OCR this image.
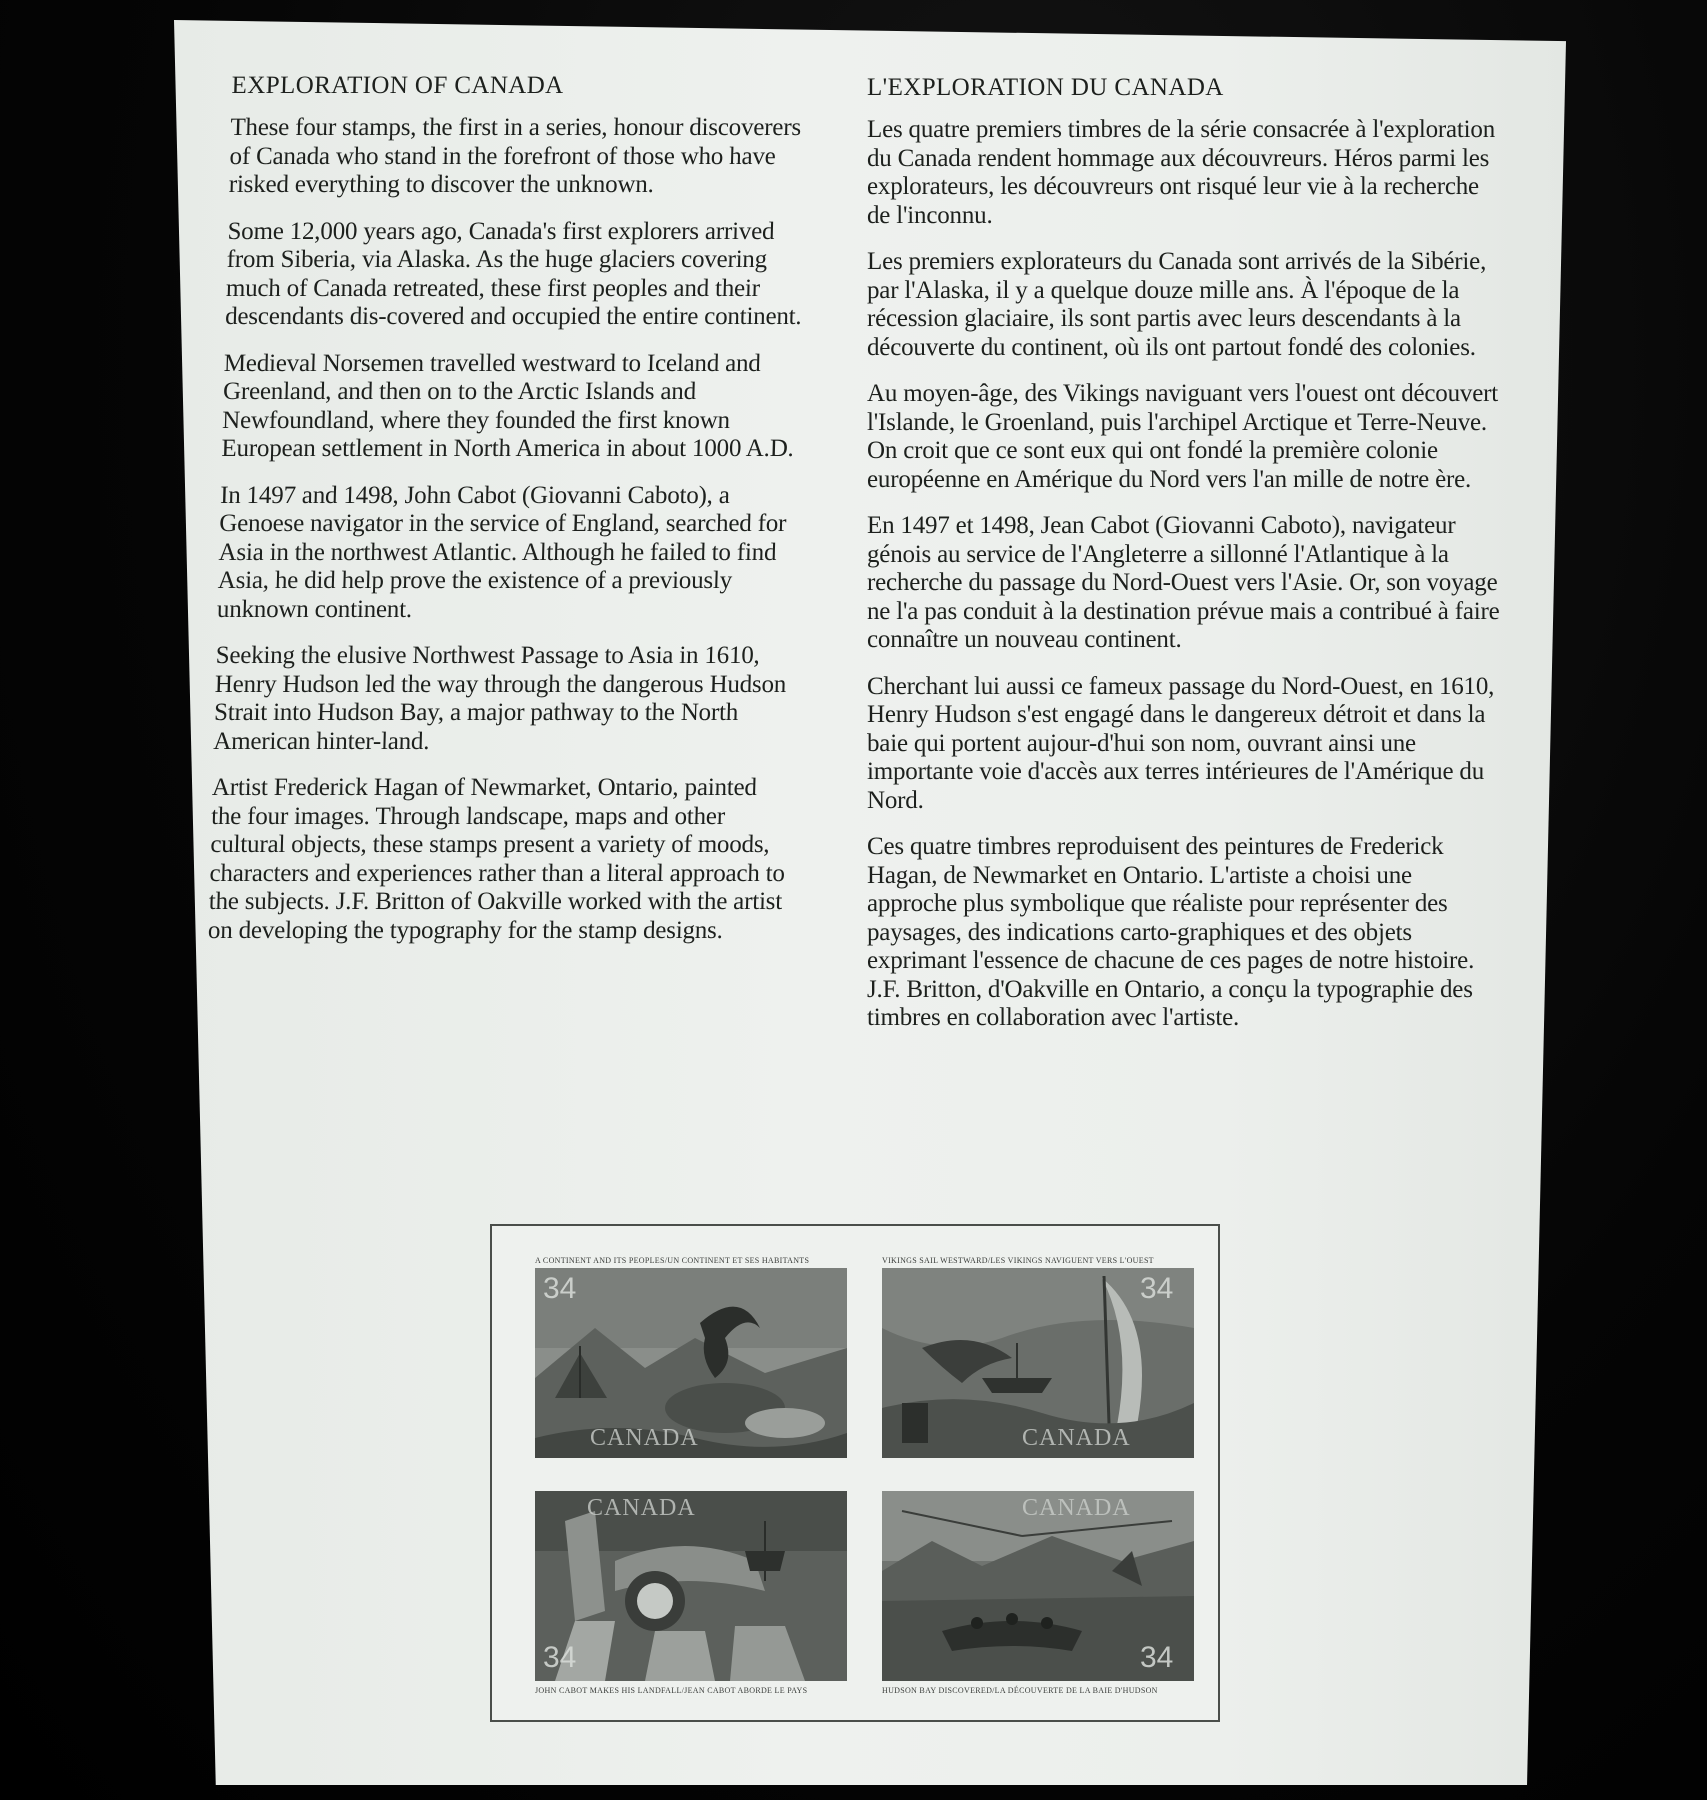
EXPLORATION OF CANADA

These four stamps, the first in a series, honour discoverers of Canada who stand in the forefront of those who have risked everything to discover the unknown.

Some 12,000 years ago, Canada's first explorers arrived from Siberia, via Alaska. As the huge glaciers covering much of Canada retreated, these first peoples and their descendants dis-covered and occupied the entire continent.

Medieval Norsemen travelled westward to Iceland and Greenland, and then on to the Arctic Islands and Newfoundland, where they founded the first known European settlement in North America in about 1000 A.D.

In 1497 and 1498, John Cabot (Giovanni Caboto), a Genoese navigator in the service of England, searched for Asia in the northwest Atlantic. Although he failed to find Asia, he did help prove the existence of a previously unknown continent.

Seeking the elusive Northwest Passage to Asia in 1610, Henry Hudson led the way through the dangerous Hudson Strait into Hudson Bay, a major pathway to the North American hinter-land.

Artist Frederick Hagan of Newmarket, Ontario, painted the four images. Through landscape, maps and other cultural objects, these stamps present a variety of moods, characters and experiences rather than a literal approach to the subjects. J.F. Britton of Oakville worked with the artist on developing the typography for the stamp designs.

L'EXPLORATION DU CANADA

Les quatre premiers timbres de la série consacrée à l'exploration du Canada rendent hommage aux découvreurs. Héros parmi les explorateurs, les découvreurs ont risqué leur vie à la recherche de l'inconnu.

Les premiers explorateurs du Canada sont arrivés de la Sibérie, par l'Alaska, il y a quelque douze mille ans. À l'époque de la récession glaciaire, ils sont partis avec leurs descendants à la découverte du continent, où ils ont partout fondé des colonies.

Au moyen-âge, des Vikings naviguant vers l'ouest ont découvert l'Islande, le Groenland, puis l'archipel Arctique et Terre-Neuve. On croit que ce sont eux qui ont fondé la première colonie européenne en Amérique du Nord vers l'an mille de notre ère.

En 1497 et 1498, Jean Cabot (Giovanni Caboto), navigateur génois au service de l'Angleterre a sillonné l'Atlantique à la recherche du passage du Nord-Ouest vers l'Asie. Or, son voyage ne l'a pas conduit à la destination prévue mais a contribué à faire connaître un nouveau continent.

Cherchant lui aussi ce fameux passage du Nord-Ouest, en 1610, Henry Hudson s'est engagé dans le dangereux détroit et dans la baie qui portent aujour-d'hui son nom, ouvrant ainsi une importante voie d'accès aux terres intérieures de l'Amérique du Nord.

Ces quatre timbres reproduisent des peintures de Frederick Hagan, de Newmarket en Ontario. L'artiste a choisi une approche plus symbolique que réaliste pour représenter des paysages, des indications carto-graphiques et des objets exprimant l'essence de chacune de ces pages de notre histoire. J.F. Britton, d'Oakville en Ontario, a conçu la typographie des timbres en collaboration avec l'artiste.

A CONTINENT AND ITS PEOPLES/UN CONTINENT ET SES HABITANTS
34
CANADA
VIKINGS SAIL WESTWARD/LES VIKINGS NAVIGUENT VERS L'OUEST
34
CANADA
CANADA
34
JOHN CABOT MAKES HIS LANDFALL/JEAN CABOT ABORDE LE PAYS
CANADA
34
HUDSON BAY DISCOVERED/LA DÉCOUVERTE DE LA BAIE D'HUDSON
